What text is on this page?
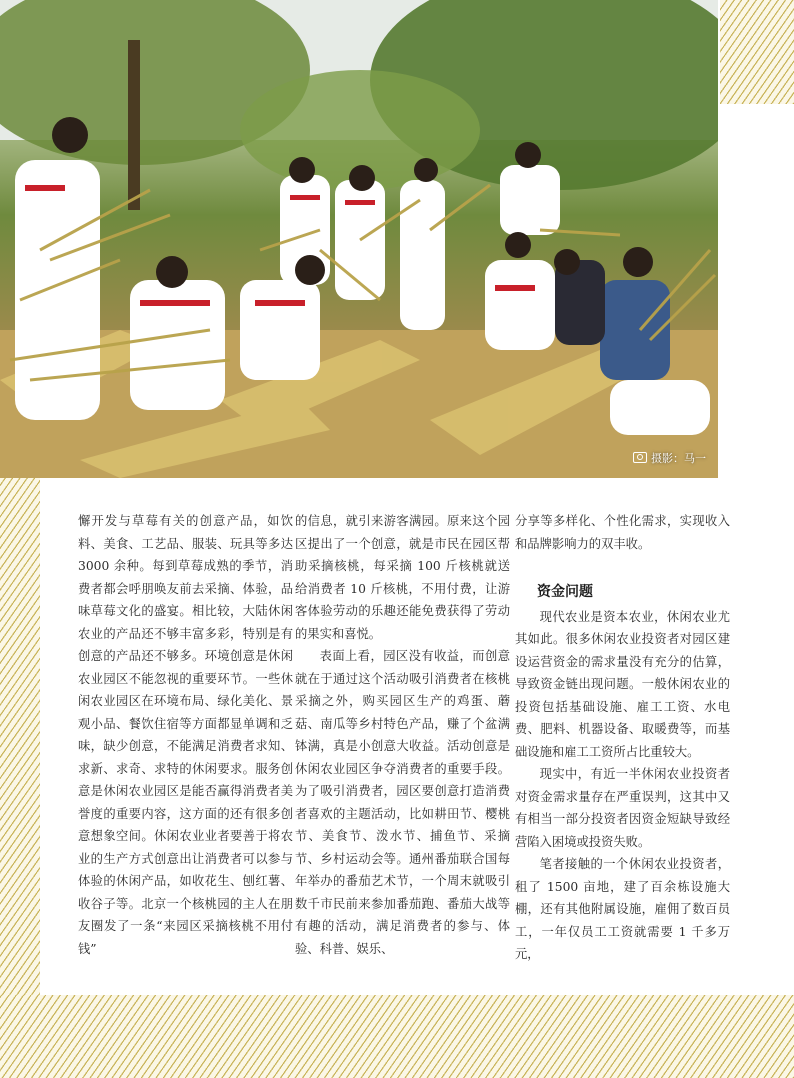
摄影：马一

懈开发与草莓有关的创意产品，如饮料、美食、工艺品、服装、玩具等多达 3000 余种。每到草莓成熟的季节，消费者都会呼朋唤友前去采摘、体验，品味草莓文化的盛宴。相比较，大陆休闲农业的产品还不够丰富多彩，特别是有创意的产品还不够多。环境创意是休闲农业园区不能忽视的重要环节。一些休闲农业园区在环境布局、绿化美化、景观小品、餐饮住宿等方面都显单调和乏味，缺少创意，不能满足消费者求知、求新、求奇、求特的休闲要求。服务创意是休闲农业园区是能否赢得消费者美誉度的重要内容，这方面的还有很多创意想象空间。休闲农业业者要善于将农业的生产方式创意出让消费者可以参与体验的休闲产品，如收花生、刨红薯、收谷子等。北京一个核桃园的主人在朋友圈发了一条“来园区采摘核桃不用付钱”

的信息，就引来游客满园。原来这个园区提出了一个创意，就是市民在园区帮助采摘核桃，每采摘 100 斤核桃就送给消费者 10 斤核桃，不用付费，让游客体验劳动的乐趣还能免费获得了劳动的果实和喜悦。

表面上看，园区没有收益，而创意就在于通过这个活动吸引消费者在核桃采摘之外，购买园区生产的鸡蛋、蘑菇、南瓜等乡村特色产品，赚了个盆满钵满，真是小创意大收益。活动创意是休闲农业园区争夺消费者的重要手段。为了吸引消费者，园区要创意打造消费者喜欢的主题活动，比如耕田节、樱桃节、美食节、泼水节、捕鱼节、采摘节、乡村运动会等。通州番茄联合国每年举办的番茄艺术节，一个周末就吸引数千市民前来参加番茄跑、番茄大战等有趣的活动，满足消费者的参与、体验、科普、娱乐、

分享等多样化、个性化需求，实现收入和品牌影响力的双丰收。

资金问题

现代农业是资本农业，休闲农业尤其如此。很多休闲农业投资者对园区建设运营资金的需求量没有充分的估算，导致资金链出现问题。一般休闲农业的投资包括基础设施、雇工工资、水电费、肥料、机器设备、取暖费等，而基础设施和雇工工资所占比重较大。

现实中，有近一半休闲农业投资者对资金需求量存在严重误判，这其中又有相当一部分投资者因资金短缺导致经营陷入困境或投资失败。

笔者接触的一个休闲农业投资者，租了 1500 亩地，建了百余栋设施大棚，还有其他附属设施，雇佣了数百员工，一年仅员工工资就需要 1 千多万元，
